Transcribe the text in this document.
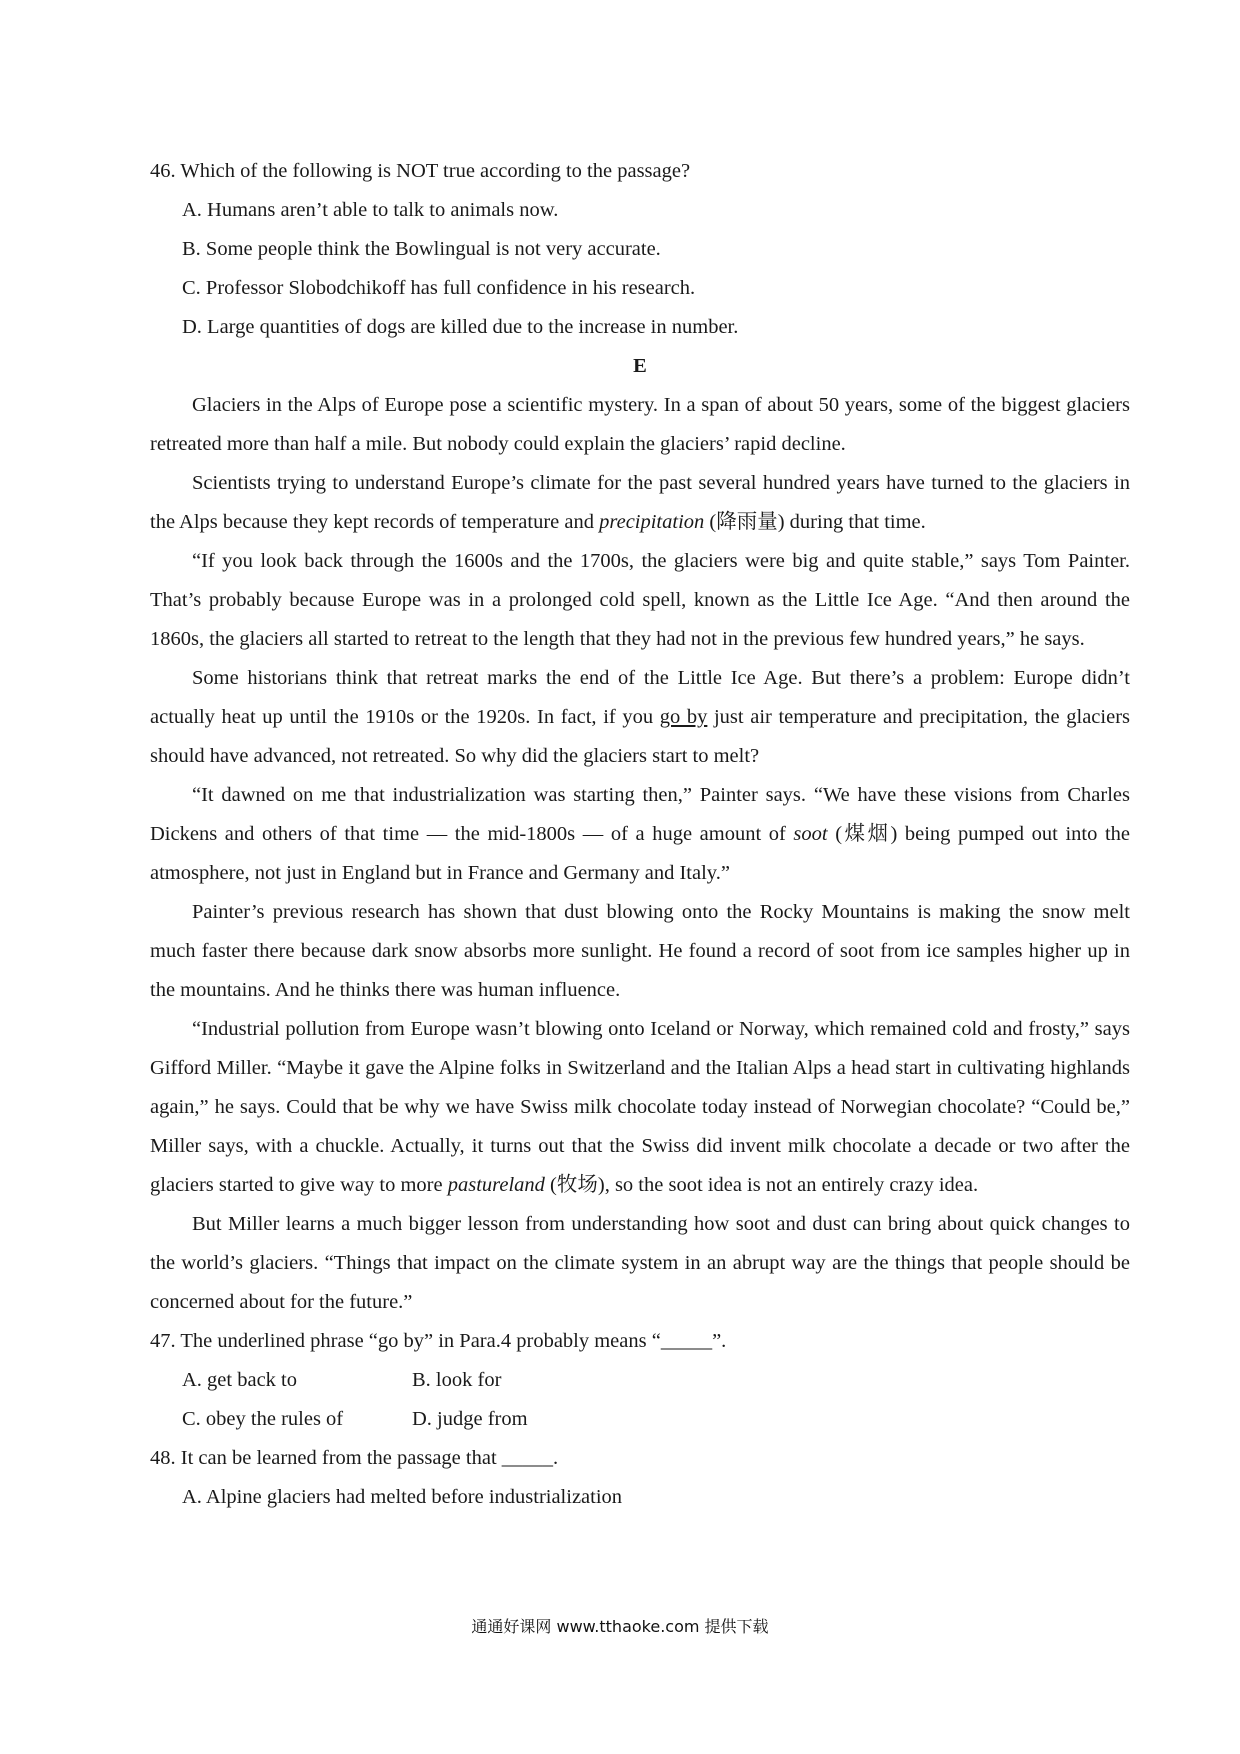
46. Which of the following is NOT true according to the passage?

A. Humans aren’t able to talk to animals now.

B. Some people think the Bowlingual is not very accurate.

C. Professor Slobodchikoff has full confidence in his research.

D. Large quantities of dogs are killed due to the increase in number.

E

Glaciers in the Alps of Europe pose a scientific mystery. In a span of about 50 years, some of the biggest glaciers retreated more than half a mile. But nobody could explain the glaciers’ rapid decline.

Scientists trying to understand Europe’s climate for the past several hundred years have turned to the glaciers in the Alps because they kept records of temperature and precipitation (降雨量) during that time.

“If you look back through the 1600s and the 1700s, the glaciers were big and quite stable,” says Tom Painter. That’s probably because Europe was in a prolonged cold spell, known as the Little Ice Age. “And then around the 1860s, the glaciers all started to retreat to the length that they had not in the previous few hundred years,” he says.

Some historians think that retreat marks the end of the Little Ice Age. But there’s a problem: Europe didn’t actually heat up until the 1910s or the 1920s. In fact, if you go by just air temperature and precipitation, the glaciers should have advanced, not retreated. So why did the glaciers start to melt?

“It dawned on me that industrialization was starting then,” Painter says. “We have these visions from Charles Dickens and others of that time — the mid-1800s — of a huge amount of soot (煤烟) being pumped out into the atmosphere, not just in England but in France and Germany and Italy.”

Painter’s previous research has shown that dust blowing onto the Rocky Mountains is making the snow melt much faster there because dark snow absorbs more sunlight. He found a record of soot from ice samples higher up in the mountains. And he thinks there was human influence.

“Industrial pollution from Europe wasn’t blowing onto Iceland or Norway, which remained cold and frosty,” says Gifford Miller. “Maybe it gave the Alpine folks in Switzerland and the Italian Alps a head start in cultivating highlands again,” he says. Could that be why we have Swiss milk chocolate today instead of Norwegian chocolate? “Could be,” Miller says, with a chuckle. Actually, it turns out that the Swiss did invent milk chocolate a decade or two after the glaciers started to give way to more pastureland (牧场), so the soot idea is not an entirely crazy idea.

But Miller learns a much bigger lesson from understanding how soot and dust can bring about quick changes to the world’s glaciers. “Things that impact on the climate system in an abrupt way are the things that people should be concerned about for the future.”

47. The underlined phrase “go by” in Para.4 probably means “_____”.

A. get back to	B. look for
C. obey the rules of	D. judge from

48. It can be learned from the passage that _____.

A. Alpine glaciers had melted before industrialization

通通好课网 www.tthaoke.com 提供下载
